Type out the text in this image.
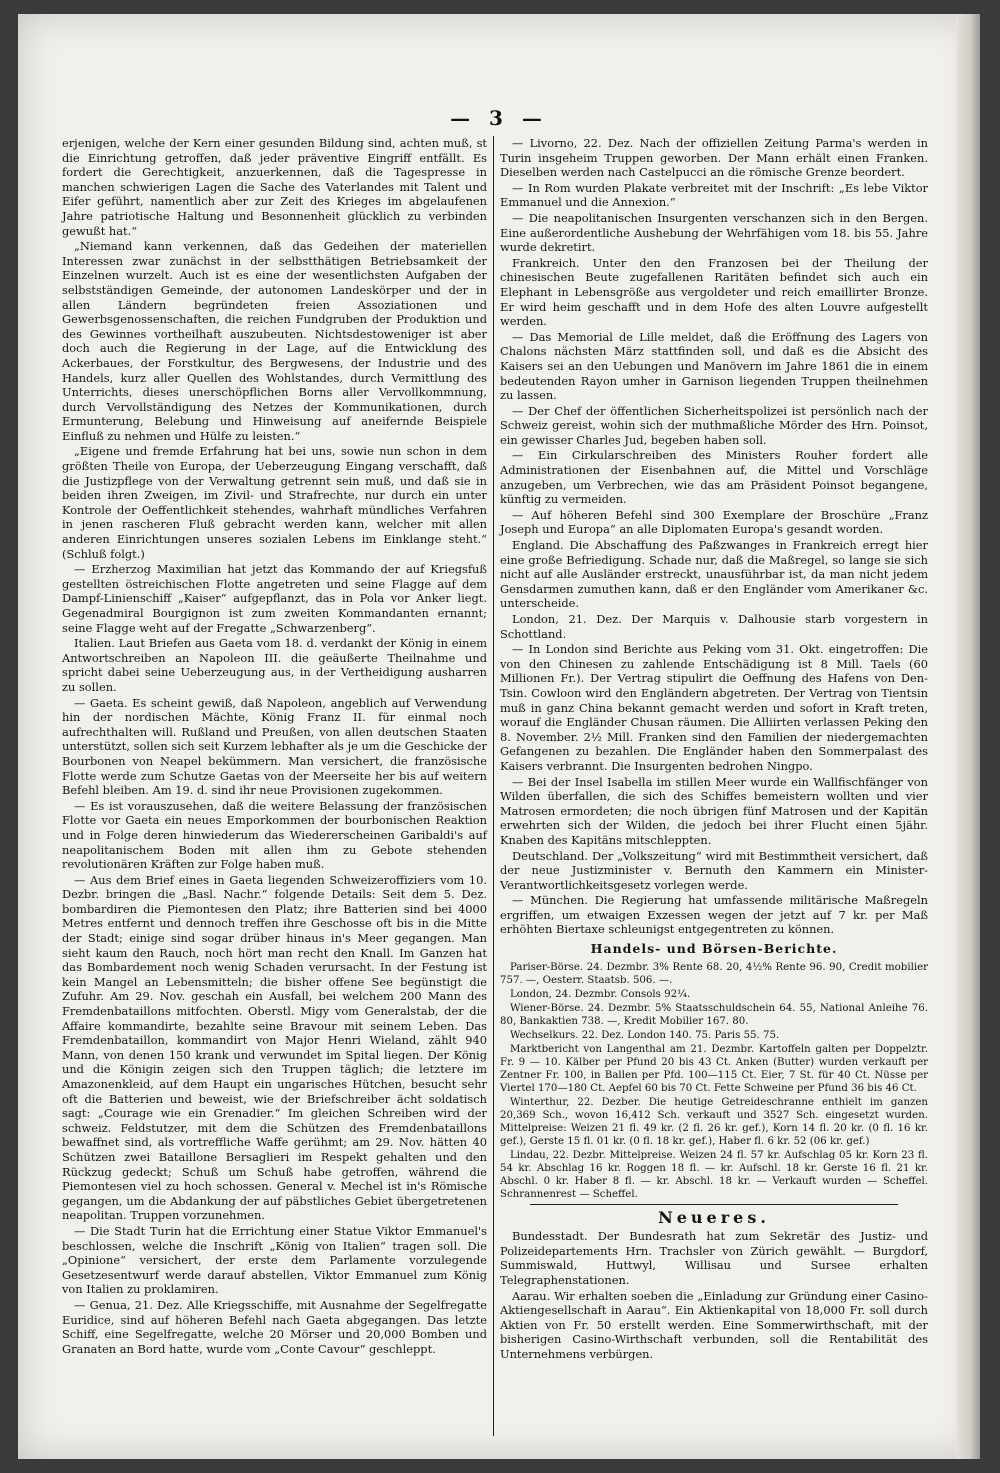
— 3 —

erjenigen, welche der Kern einer gesunden Bildung sind, achten muß, st die Einrichtung getroffen, daß jeder präventive Eingriff entfällt. Es fordert die Gerechtigkeit, anzuerkennen, daß die Tagespresse in manchen schwierigen Lagen die Sache des Vaterlandes mit Talent und Eifer geführt, namentlich aber zur Zeit des Krieges im abgelaufenen Jahre patriotische Haltung und Besonnenheit glücklich zu verbinden gewußt hat.“

„Niemand kann verkennen, daß das Gedeihen der materiellen Interessen zwar zunächst in der selbstthätigen Betriebsamkeit der Einzelnen wurzelt. Auch ist es eine der wesentlichsten Aufgaben der selbstständigen Gemeinde, der autonomen Landeskörper und der in allen Ländern begründeten freien Assoziationen und Gewerbsgenossenschaften, die reichen Fundgruben der Produktion und des Gewinnes vortheilhaft auszubeuten. Nichtsdestoweniger ist aber doch auch die Regierung in der Lage, auf die Entwicklung des Ackerbaues, der Forstkultur, des Bergwesens, der Industrie und des Handels, kurz aller Quellen des Wohlstandes, durch Vermittlung des Unterrichts, dieses unerschöpflichen Borns aller Vervollkommnung, durch Vervollständigung des Netzes der Kommunikationen, durch Ermunterung, Belebung und Hinweisung auf aneifernde Beispiele Einfluß zu nehmen und Hülfe zu leisten.“

„Eigene und fremde Erfahrung hat bei uns, sowie nun schon in dem größten Theile von Europa, der Ueberzeugung Eingang verschafft, daß die Justizpflege von der Verwaltung getrennt sein muß, und daß sie in beiden ihren Zweigen, im Zivil- und Strafrechte, nur durch ein unter Kontrole der Oeffentlichkeit stehendes, wahrhaft mündliches Verfahren in jenen rascheren Fluß gebracht werden kann, welcher mit allen anderen Einrichtungen unseres sozialen Lebens im Einklange steht.“ (Schluß folgt.)

— Erzherzog Maximilian hat jetzt das Kommando der auf Kriegsfuß gestellten östreichischen Flotte angetreten und seine Flagge auf dem Dampf-Linienschiff „Kaiser“ aufgepflanzt, das in Pola vor Anker liegt. Gegenadmiral Bourgignon ist zum zweiten Kommandanten ernannt; seine Flagge weht auf der Fregatte „Schwarzenberg“.

Italien. Laut Briefen aus Gaeta vom 18. d. verdankt der König in einem Antwortschreiben an Napoleon III. die geäußerte Theilnahme und spricht dabei seine Ueberzeugung aus, in der Vertheidigung ausharren zu sollen.

— Gaeta. Es scheint gewiß, daß Napoleon, angeblich auf Verwendung hin der nordischen Mächte, König Franz II. für einmal noch aufrechthalten will. Rußland und Preußen, von allen deutschen Staaten unterstützt, sollen sich seit Kurzem lebhafter als je um die Geschicke der Bourbonen von Neapel bekümmern. Man versichert, die französische Flotte werde zum Schutze Gaetas von der Meerseite her bis auf weitern Befehl bleiben. Am 19. d. sind ihr neue Provisionen zugekommen.

— Es ist vorauszusehen, daß die weitere Belassung der französischen Flotte vor Gaeta ein neues Emporkommen der bourbonischen Reaktion und in Folge deren hinwiederum das Wiedererscheinen Garibaldi's auf neapolitanischem Boden mit allen ihm zu Gebote stehenden revolutionären Kräften zur Folge haben muß.

— Aus dem Brief eines in Gaeta liegenden Schweizeroffiziers vom 10. Dezbr. bringen die „Basl. Nachr.“ folgende Details: Seit dem 5. Dez. bombardiren die Piemontesen den Platz; ihre Batterien sind bei 4000 Metres entfernt und dennoch treffen ihre Geschosse oft bis in die Mitte der Stadt; einige sind sogar drüber hinaus in's Meer gegangen. Man sieht kaum den Rauch, noch hört man recht den Knall. Im Ganzen hat das Bombardement noch wenig Schaden verursacht. In der Festung ist kein Mangel an Lebensmitteln; die bisher offene See begünstigt die Zufuhr. Am 29. Nov. geschah ein Ausfall, bei welchem 200 Mann des Fremdenbataillons mitfochten. Oberstl. Migy vom Generalstab, der die Affaire kommandirte, bezahlte seine Bravour mit seinem Leben. Das Fremdenbataillon, kommandirt von Major Henri Wieland, zählt 940 Mann, von denen 150 krank und verwundet im Spital liegen. Der König und die Königin zeigen sich den Truppen täglich; die letztere im Amazonenkleid, auf dem Haupt ein ungarisches Hütchen, besucht sehr oft die Batterien und beweist, wie der Briefschreiber ächt soldatisch sagt: „Courage wie ein Grenadier.“ Im gleichen Schreiben wird der schweiz. Feldstutzer, mit dem die Schützen des Fremdenbataillons bewaffnet sind, als vortreffliche Waffe gerühmt; am 29. Nov. hätten 40 Schützen zwei Bataillone Bersaglieri im Respekt gehalten und den Rückzug gedeckt; Schuß um Schuß habe getroffen, während die Piemontesen viel zu hoch schossen. General v. Mechel ist in's Römische gegangen, um die Abdankung der auf päbstliches Gebiet übergetretenen neapolitan. Truppen vorzunehmen.

— Die Stadt Turin hat die Errichtung einer Statue Viktor Emmanuel's beschlossen, welche die Inschrift „König von Italien“ tragen soll. Die „Opinione“ versichert, der erste dem Parlamente vorzulegende Gesetzesentwurf werde darauf abstellen, Viktor Emmanuel zum König von Italien zu proklamiren.

— Genua, 21. Dez. Alle Kriegsschiffe, mit Ausnahme der Segelfregatte Euridice, sind auf höheren Befehl nach Gaeta abgegangen. Das letzte Schiff, eine Segelfregatte, welche 20 Mörser und 20,000 Bomben und Granaten an Bord hatte, wurde vom „Conte Cavour“ geschleppt.

— Livorno, 22. Dez. Nach der offiziellen Zeitung Parma's werden in Turin insgeheim Truppen geworben. Der Mann erhält einen Franken. Dieselben werden nach Castelpucci an die römische Grenze beordert.

— In Rom wurden Plakate verbreitet mit der Inschrift: „Es lebe Viktor Emmanuel und die Annexion.“

— Die neapolitanischen Insurgenten verschanzen sich in den Bergen. Eine außerordentliche Aushebung der Wehrfähigen vom 18. bis 55. Jahre wurde dekretirt.

Frankreich. Unter den den Franzosen bei der Theilung der chinesischen Beute zugefallenen Raritäten befindet sich auch ein Elephant in Lebensgröße aus vergoldeter und reich emaillirter Bronze. Er wird heim geschafft und in dem Hofe des alten Louvre aufgestellt werden.

— Das Memorial de Lille meldet, daß die Eröffnung des Lagers von Chalons nächsten März stattfinden soll, und daß es die Absicht des Kaisers sei an den Uebungen und Manövern im Jahre 1861 die in einem bedeutenden Rayon umher in Garnison liegenden Truppen theilnehmen zu lassen.

— Der Chef der öffentlichen Sicherheitspolizei ist persönlich nach der Schweiz gereist, wohin sich der muthmaßliche Mörder des Hrn. Poinsot, ein gewisser Charles Jud, begeben haben soll.

— Ein Cirkularschreiben des Ministers Rouher fordert alle Administrationen der Eisenbahnen auf, die Mittel und Vorschläge anzugeben, um Verbrechen, wie das am Präsident Poinsot begangene, künftig zu vermeiden.

— Auf höheren Befehl sind 300 Exemplare der Broschüre „Franz Joseph und Europa“ an alle Diplomaten Europa's gesandt worden.

England. Die Abschaffung des Paßzwanges in Frankreich erregt hier eine große Befriedigung. Schade nur, daß die Maßregel, so lange sie sich nicht auf alle Ausländer erstreckt, unausführbar ist, da man nicht jedem Gensdarmen zumuthen kann, daß er den Engländer vom Amerikaner &c. unterscheide.

London, 21. Dez. Der Marquis v. Dalhousie starb vorgestern in Schottland.

— In London sind Berichte aus Peking vom 31. Okt. eingetroffen: Die von den Chinesen zu zahlende Entschädigung ist 8 Mill. Taels (60 Millionen Fr.). Der Vertrag stipulirt die Oeffnung des Hafens von Den-Tsin. Cowloon wird den Engländern abgetreten. Der Vertrag von Tientsin muß in ganz China bekannt gemacht werden und sofort in Kraft treten, worauf die Engländer Chusan räumen. Die Alliirten verlassen Peking den 8. November. 2½ Mill. Franken sind den Familien der niedergemachten Gefangenen zu bezahlen. Die Engländer haben den Sommerpalast des Kaisers verbrannt. Die Insurgenten bedrohen Ningpo.

— Bei der Insel Isabella im stillen Meer wurde ein Wallfischfänger von Wilden überfallen, die sich des Schiffes bemeistern wollten und vier Matrosen ermordeten; die noch übrigen fünf Matrosen und der Kapitän erwehrten sich der Wilden, die jedoch bei ihrer Flucht einen 5jähr. Knaben des Kapitäns mitschleppten.

Deutschland. Der „Volkszeitung“ wird mit Bestimmtheit versichert, daß der neue Justizminister v. Bernuth den Kammern ein Minister-Verantwortlichkeitsgesetz vorlegen werde.

— München. Die Regierung hat umfassende militärische Maßregeln ergriffen, um etwaigen Exzessen wegen der jetzt auf 7 kr. per Maß erhöhten Biertaxe schleunigst entgegentreten zu können.

Handels- und Börsen-Berichte.

Pariser-Börse. 24. Dezmbr. 3% Rente 68. 20, 4½% Rente 96. 90, Credit mobilier 757. —, Oesterr. Staatsb. 506. —.

London, 24. Dezmbr. Consols 92¼.

Wiener-Börse. 24. Dezmbr. 5% Staatsschuldschein 64. 55, National Anleihe 76. 80, Bankaktien 738. —, Kredit Mobilier 167. 80.

Wechselkurs. 22. Dez. London 140. 75. Paris 55. 75.

Marktbericht von Langenthal am 21. Dezmbr. Kartoffeln galten per Doppelztr. Fr. 9 — 10. Kälber per Pfund 20 bis 43 Ct. Anken (Butter) wurden verkauft per Zentner Fr. 100, in Ballen per Pfd. 100—115 Ct. Eier, 7 St. für 40 Ct. Nüsse per Viertel 170—180 Ct. Aepfel 60 bis 70 Ct. Fette Schweine per Pfund 36 bis 46 Ct.

Winterthur, 22. Dezber. Die heutige Getreideschranne enthielt im ganzen 20,369 Sch., wovon 16,412 Sch. verkauft und 3527 Sch. eingesetzt wurden. Mittelpreise: Weizen 21 fl. 49 kr. (2 fl. 26 kr. gef.), Korn 14 fl. 20 kr. (0 fl. 16 kr. gef.), Gerste 15 fl. 01 kr. (0 fl. 18 kr. gef.), Haber fl. 6 kr. 52 (06 kr. gef.)

Lindau, 22. Dezbr. Mittelpreise. Weizen 24 fl. 57 kr. Aufschlag 05 kr. Korn 23 fl. 54 kr. Abschlag 16 kr. Roggen 18 fl. — kr. Aufschl. 18 kr. Gerste 16 fl. 21 kr. Abschl. 0 kr. Haber 8 fl. — kr. Abschl. 18 kr. — Verkauft wurden — Scheffel. Schrannenrest — Scheffel.

Neueres.

Bundesstadt. Der Bundesrath hat zum Sekretär des Justiz- und Polizeidepartements Hrn. Trachsler von Zürich gewählt. — Burgdorf, Summiswald, Huttwyl, Willisau und Sursee erhalten Telegraphenstationen.

Aarau. Wir erhalten soeben die „Einladung zur Gründung einer Casino-Aktiengesellschaft in Aarau“. Ein Aktienkapital von 18,000 Fr. soll durch Aktien von Fr. 50 erstellt werden. Eine Sommerwirthschaft, mit der bisherigen Casino-Wirthschaft verbunden, soll die Rentabilität des Unternehmens verbürgen.
